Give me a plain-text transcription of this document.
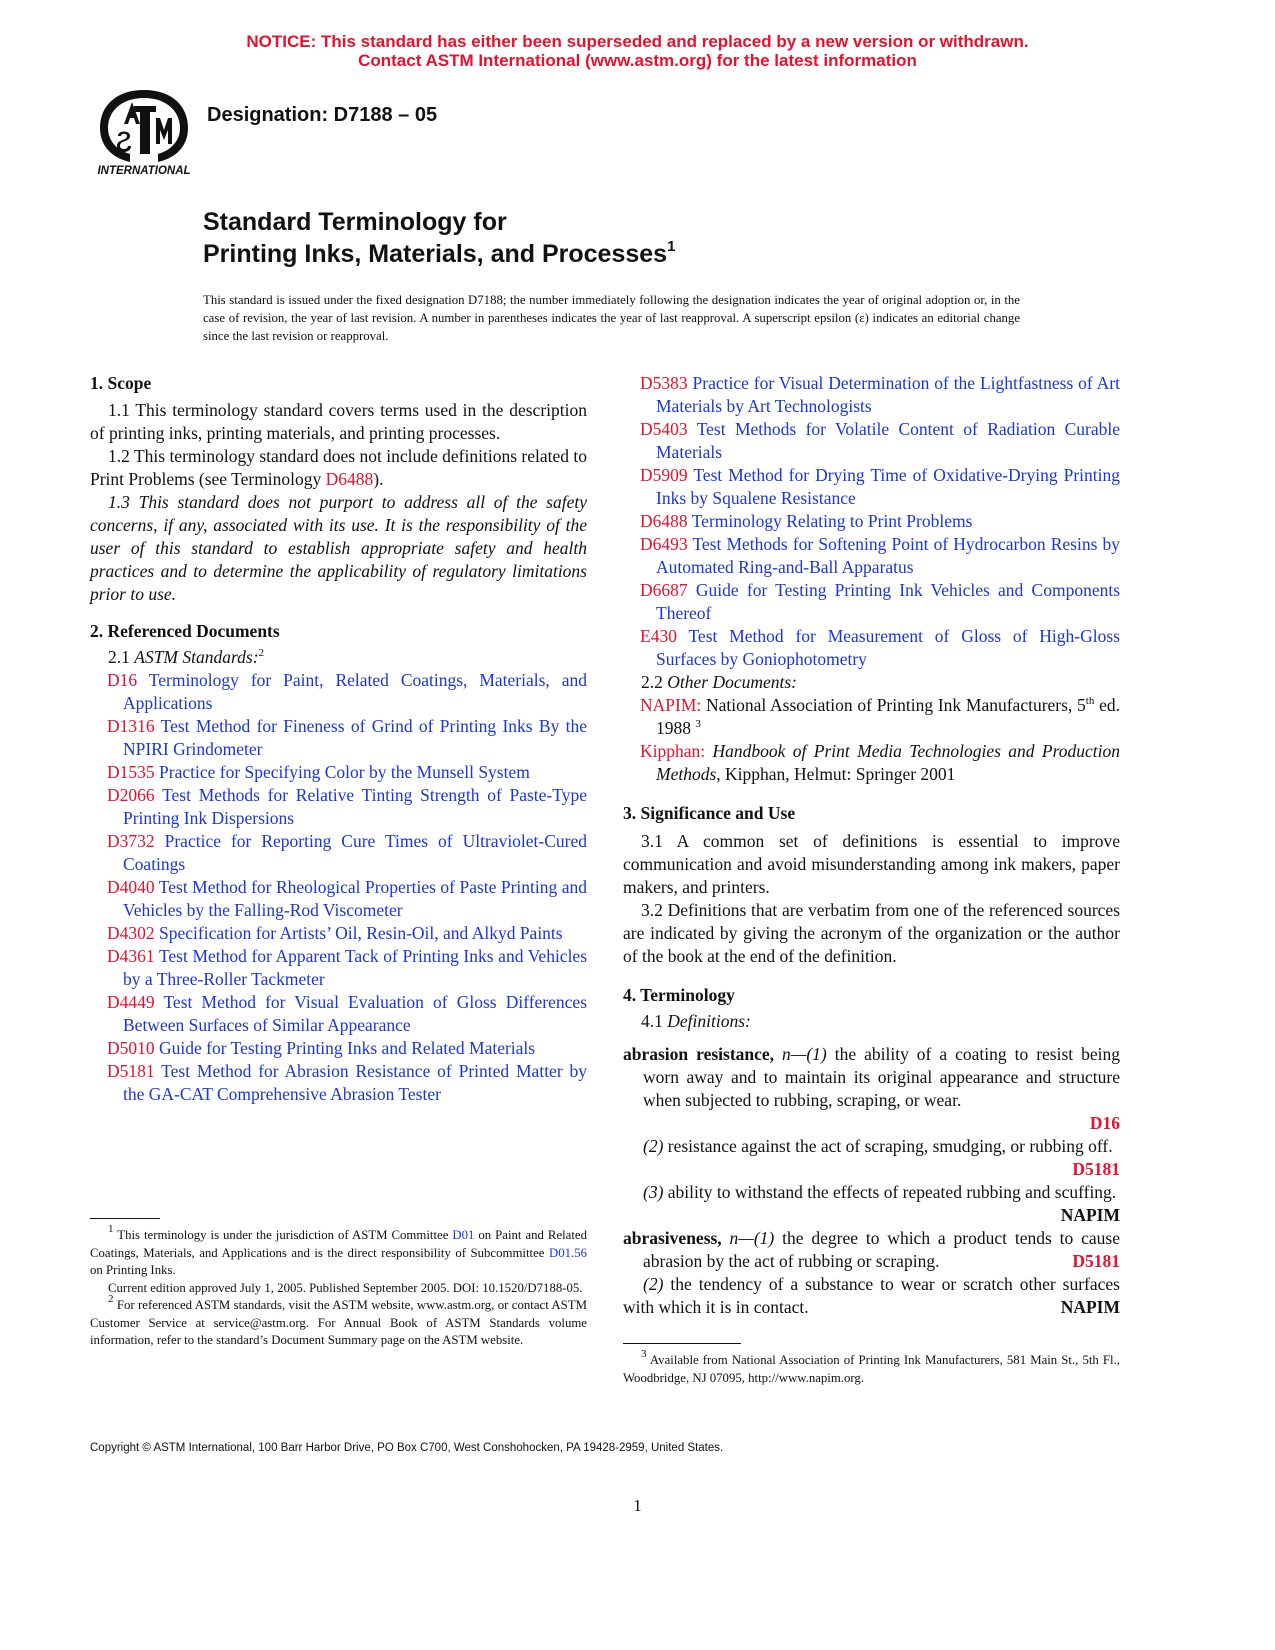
NOTICE: This standard has either been superseded and replaced by a new version or withdrawn.
Contact ASTM International (www.astm.org) for the latest information
INTERNATIONAL
Designation: D7188 – 05
Standard Terminology for
Printing Inks, Materials, and Processes$^1$
This standard is issued under the fixed designation D7188; the number immediately following the designation indicates the year of original adoption or, in the case of revision, the year of last revision. A number in parentheses indicates the year of last reapproval. A superscript epsilon (ε) indicates an editorial change since the last revision or reapproval.
1. Scope

1.1 This terminology standard covers terms used in the description of printing inks, printing materials, and printing processes.

1.2 This terminology standard does not include definitions related to Print Problems (see Terminology D6488).

1.3 This standard does not purport to address all of the safety concerns, if any, associated with its use. It is the responsibility of the user of this standard to establish appropriate safety and health practices and to determine the applicability of regulatory limitations prior to use.

2. Referenced Documents

2.1 ASTM Standards:$^2$

D16 Terminology for Paint, Related Coatings, Materials, and Applications

D1316 Test Method for Fineness of Grind of Printing Inks By the NPIRI Grindometer

D1535 Practice for Specifying Color by the Munsell System

D2066 Test Methods for Relative Tinting Strength of Paste-Type Printing Ink Dispersions

D3732 Practice for Reporting Cure Times of Ultraviolet-Cured Coatings

D4040 Test Method for Rheological Properties of Paste Printing and Vehicles by the Falling-Rod Viscometer

D4302 Specification for Artists’ Oil, Resin-Oil, and Alkyd Paints

D4361 Test Method for Apparent Tack of Printing Inks and Vehicles by a Three-Roller Tackmeter

D4449 Test Method for Visual Evaluation of Gloss Differences Between Surfaces of Similar Appearance

D5010 Guide for Testing Printing Inks and Related Materials

D5181 Test Method for Abrasion Resistance of Printed Matter by the GA-CAT Comprehensive Abrasion Tester

D5383 Practice for Visual Determination of the Lightfastness of Art Materials by Art Technologists

D5403 Test Methods for Volatile Content of Radiation Curable Materials

D5909 Test Method for Drying Time of Oxidative-Drying Printing Inks by Squalene Resistance

D6488 Terminology Relating to Print Problems

D6493 Test Methods for Softening Point of Hydrocarbon Resins by Automated Ring-and-Ball Apparatus

D6687 Guide for Testing Printing Ink Vehicles and Components Thereof

E430 Test Method for Measurement of Gloss of High-Gloss Surfaces by Goniophotometry

2.2 Other Documents:

NAPIM: National Association of Printing Ink Manufacturers, 5th ed. 1988 $^3$

Kipphan: Handbook of Print Media Technologies and Production Methods, Kipphan, Helmut: Springer 2001

3. Significance and Use

3.1 A common set of definitions is essential to improve communication and avoid misunderstanding among ink makers, paper makers, and printers.

3.2 Definitions that are verbatim from one of the referenced sources are indicated by giving the acronym of the organization or the author of the book at the end of the definition.

4. Terminology

4.1 Definitions:

abrasion resistance, n—(1) the ability of a coating to resist being worn away and to maintain its original appearance and structure when subjected to rubbing, scraping, or wear.

D16

(2) resistance against the act of scraping, smudging, or rubbing off.
D5181

(3) ability to withstand the effects of repeated rubbing and scuffing.
NAPIM

abrasiveness, n—(1) the degree to which a product tends to cause abrasion by the act of rubbing or scraping.	D5181

(2) the tendency of a substance to wear or scratch other surfaces with which it is in contact.	NAPIM

$^1$ This terminology is under the jurisdiction of ASTM Committee D01 on Paint and Related Coatings, Materials, and Applications and is the direct responsibility of Subcommittee D01.56 on Printing Inks.

Current edition approved July 1, 2005. Published September 2005. DOI: 10.1520/D7188-05.

$^2$ For referenced ASTM standards, visit the ASTM website, www.astm.org, or contact ASTM Customer Service at service@astm.org. For Annual Book of ASTM Standards volume information, refer to the standard’s Document Summary page on the ASTM website.

$^3$ Available from National Association of Printing Ink Manufacturers, 581 Main St., 5th Fl., Woodbridge, NJ 07095, http://www.napim.org.

Copyright © ASTM International, 100 Barr Harbor Drive, PO Box C700, West Conshohocken, PA 19428-2959, United States.
1
